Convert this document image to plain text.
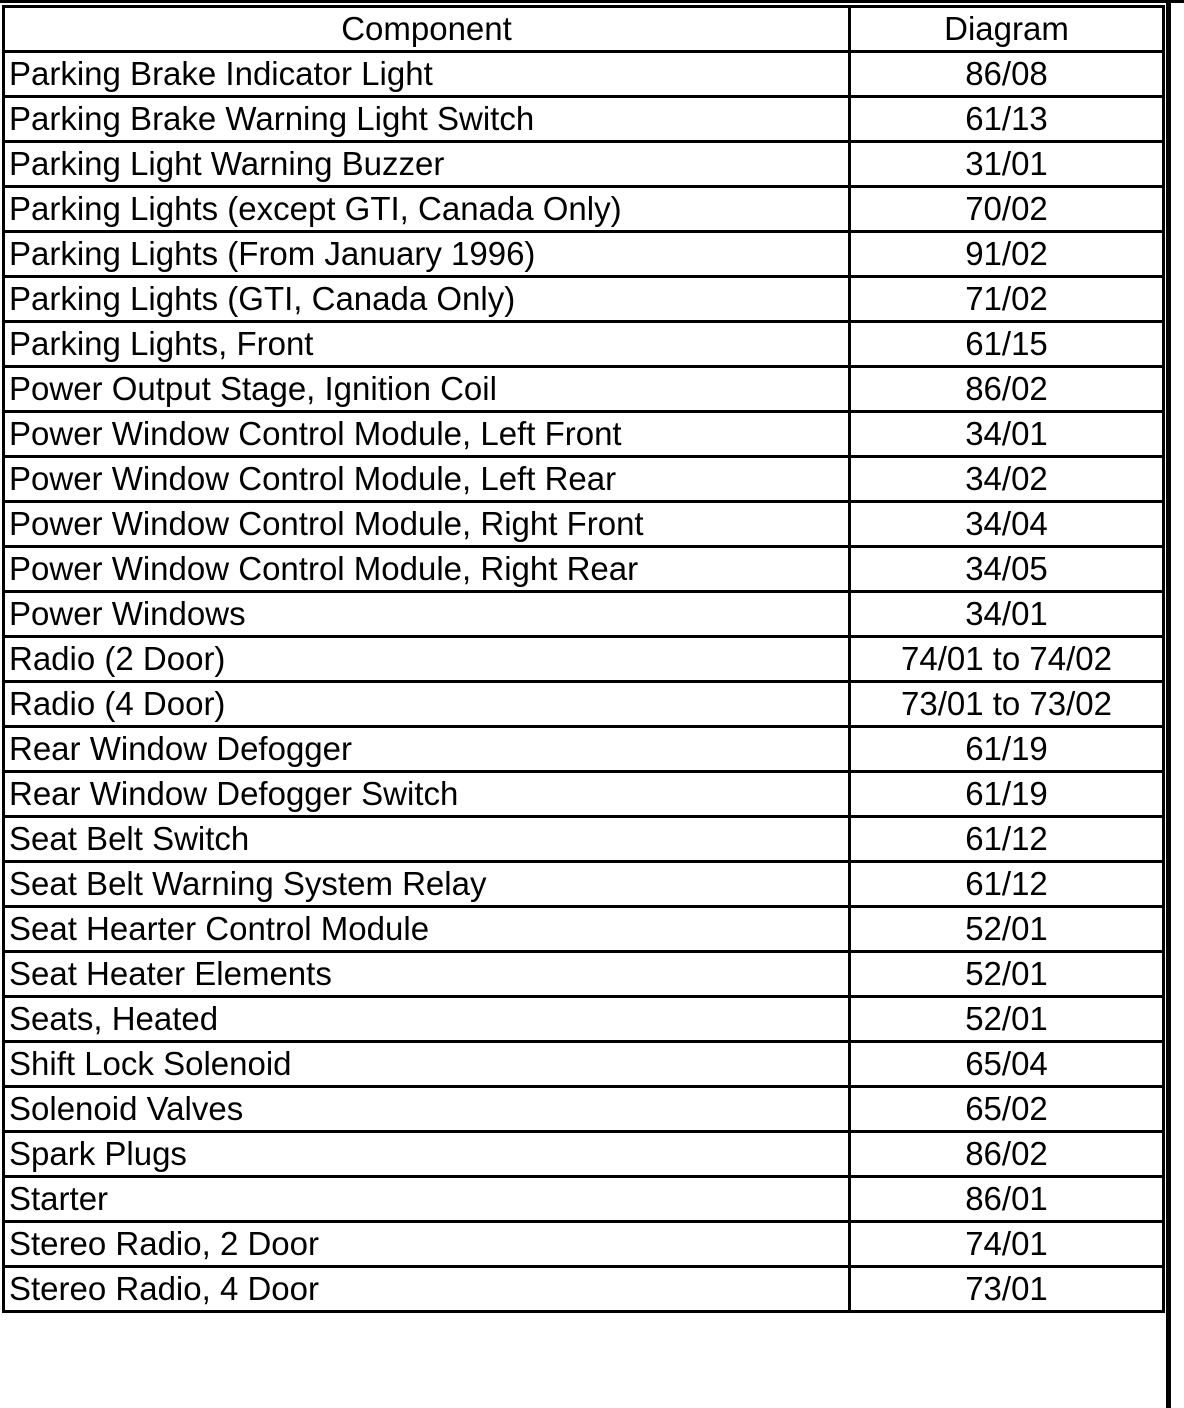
Component	Diagram
Parking Brake Indicator Light	86/08
Parking Brake Warning Light Switch	61/13
Parking Light Warning Buzzer	31/01
Parking Lights (except GTI, Canada Only)	70/02
Parking Lights (From January 1996)	91/02
Parking Lights (GTI, Canada Only)	71/02
Parking Lights, Front	61/15
Power Output Stage, Ignition Coil	86/02
Power Window Control Module, Left Front	34/01
Power Window Control Module, Left Rear	34/02
Power Window Control Module, Right Front	34/04
Power Window Control Module, Right Rear	34/05
Power Windows	34/01
Radio (2 Door)	74/01 to 74/02
Radio (4 Door)	73/01 to 73/02
Rear Window Defogger	61/19
Rear Window Defogger Switch	61/19
Seat Belt Switch	61/12
Seat Belt Warning System Relay	61/12
Seat Hearter Control Module	52/01
Seat Heater Elements	52/01
Seats, Heated	52/01
Shift Lock Solenoid	65/04
Solenoid Valves	65/02
Spark Plugs	86/02
Starter	86/01
Stereo Radio, 2 Door	74/01
Stereo Radio, 4 Door	73/01
